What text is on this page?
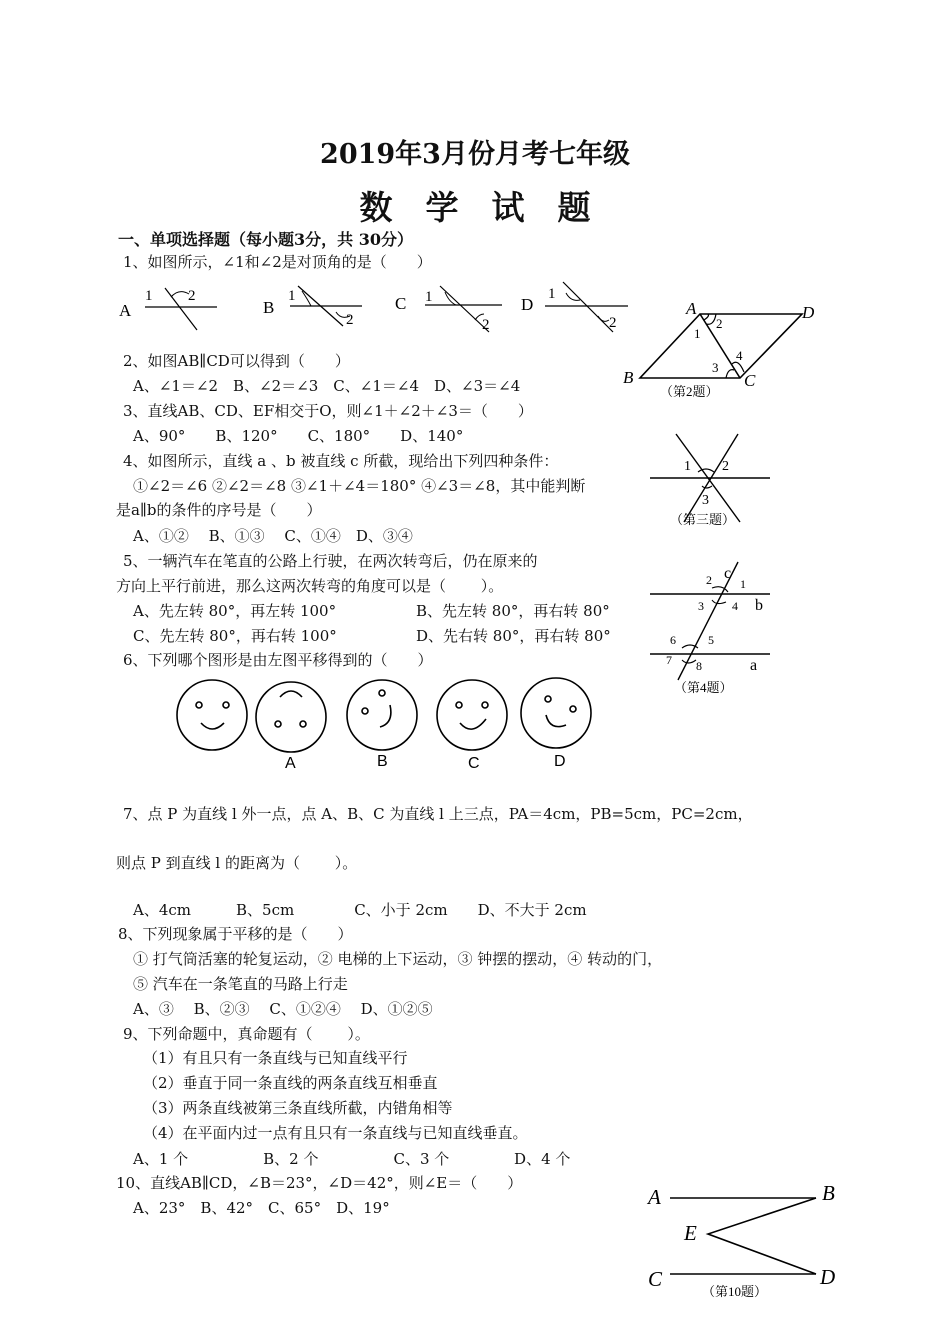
2019年3月份月考七年级
数　学　试　题
一、单项选择题（每小题3分，共 30分）
1、如图所示，∠1和∠2是对顶角的是（　　）
A
1 2
B
1
2
C 1
2
D
1
2
2、如图AB∥CD可以得到（　　）
A、∠1＝∠2　B、∠2＝∠3　C、∠1＝∠4　D、∠3＝∠4
3、直线AB、CD、EF相交于O，则∠1＋∠2＋∠3＝（　　）
A、90°　　B、120°　　C、180°　　D、140°
4、如图所示，直线 a 、b 被直线 c 所截，现给出下列四种条件：
①∠2＝∠6 ②∠2＝∠8 ③∠1＋∠4＝180° ④∠3＝∠8，其中能判断
是a∥b的条件的序号是（　　）
A、①②　 B、①③　 C、①④　D、③④
5、一辆汽车在笔直的公路上行驶，在两次转弯后，仍在原来的
方向上平行前进，那么这两次转弯的角度可以是（　　 ）。
A、先左转 80°，再左转 100°	B、先左转 80°，再右转 80°
C、先左转 80°，再右转 100°	D、先右转 80°，再右转 80°
6、下列哪个图形是由左图平移得到的（　　）
A	B	C	D
7、点 P 为直线 l 外一点，点 A、B、C 为直线 l 上三点，PA＝4cm，PB=5cm，PC=2cm，
则点 P 到直线 l 的距离为（　　 ）。
A、4cm　　　B、5cm　　　　C、小于 2cm　　D、不大于 2cm
8、下列现象属于平移的是（　　）
① 打气筒活塞的轮复运动，② 电梯的上下运动，③ 钟摆的摆动，④ 转动的门，
⑤ 汽车在一条笔直的马路上行走
A、③　 B、②③　 C、①②④　 D、①②⑤
9、下列命题中，真命题有（　　 ）。
（1）有且只有一条直线与已知直线平行
（2）垂直于同一条直线的两条直线互相垂直
（3）两条直线被第三条直线所截，内错角相等
（4）在平面内过一点有且只有一条直线与已知直线垂直。
A、1 个　　　　　B、2 个　　　　　C、3 个　　　　 D、4 个
10、直线AB∥CD，∠B＝23°，∠D＝42°，则∠E＝（　　）
A、23°　B、42°　C、65°　D、19°
A	D
B	C
1
2
3
4
（第2题）
1 2
3
（第三题）
c
b
a
1
2
3 4
5
6
7 8
（第4题）
A	B
E
C	D
（第10题）
